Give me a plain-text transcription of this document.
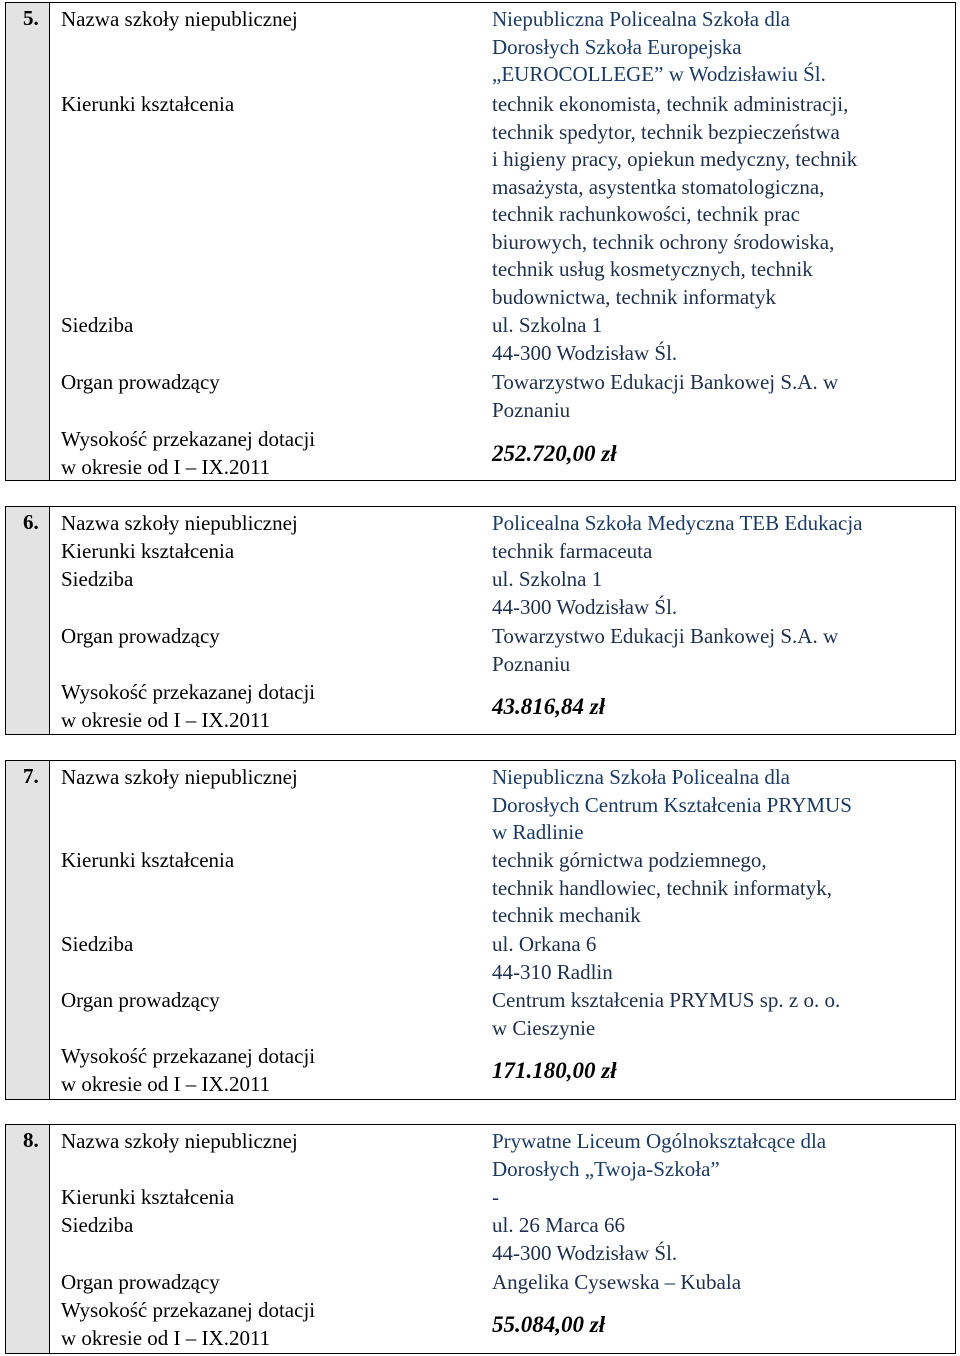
5.	Nazwa szkoły niepublicznej	Niepubliczna Policealna Szkoła dla
Dorosłych Szkoła Europejska
„EUROCOLLEGE” w Wodzisławiu Śl.
Kierunki kształcenia	technik ekonomista, technik administracji,
technik spedytor, technik bezpieczeństwa
i higieny pracy, opiekun medyczny, technik
masażysta, asystentka stomatologiczna,
technik rachunkowości, technik prac
biurowych, technik ochrony środowiska,
technik usług kosmetycznych, technik
budownictwa, technik informatyk
Siedziba	ul. Szkolna 1
44-300 Wodzisław Śl.
Organ prowadzący	Towarzystwo Edukacji Bankowej S.A. w
Poznaniu
Wysokość przekazanej dotacji
w okresie od I – IX.2011
252.720,00 zł
6.	Nazwa szkoły niepublicznej	Policealna Szkoła Medyczna TEB Edukacja
Kierunki kształcenia	technik farmaceuta
Siedziba	ul. Szkolna 1
44-300 Wodzisław Śl.
Organ prowadzący	Towarzystwo Edukacji Bankowej S.A. w
Poznaniu
Wysokość przekazanej dotacji
w okresie od I – IX.2011
43.816,84 zł
7.	Nazwa szkoły niepublicznej	Niepubliczna Szkoła Policealna dla
Dorosłych Centrum Kształcenia PRYMUS
w Radlinie
Kierunki kształcenia	technik górnictwa podziemnego,
technik handlowiec, technik informatyk,
technik mechanik
Siedziba	ul. Orkana 6
44-310 Radlin
Organ prowadzący	Centrum kształcenia PRYMUS sp. z o. o.
w Cieszynie
Wysokość przekazanej dotacji
w okresie od I – IX.2011
171.180,00 zł
8.	Nazwa szkoły niepublicznej	Prywatne Liceum Ogólnokształcące dla
Dorosłych „Twoja-Szkoła”
Kierunki kształcenia	-
Siedziba	ul. 26 Marca 66
44-300 Wodzisław Śl.
Organ prowadzący	Angelika Cysewska – Kubala
Wysokość przekazanej dotacji
w okresie od I – IX.2011
55.084,00 zł
